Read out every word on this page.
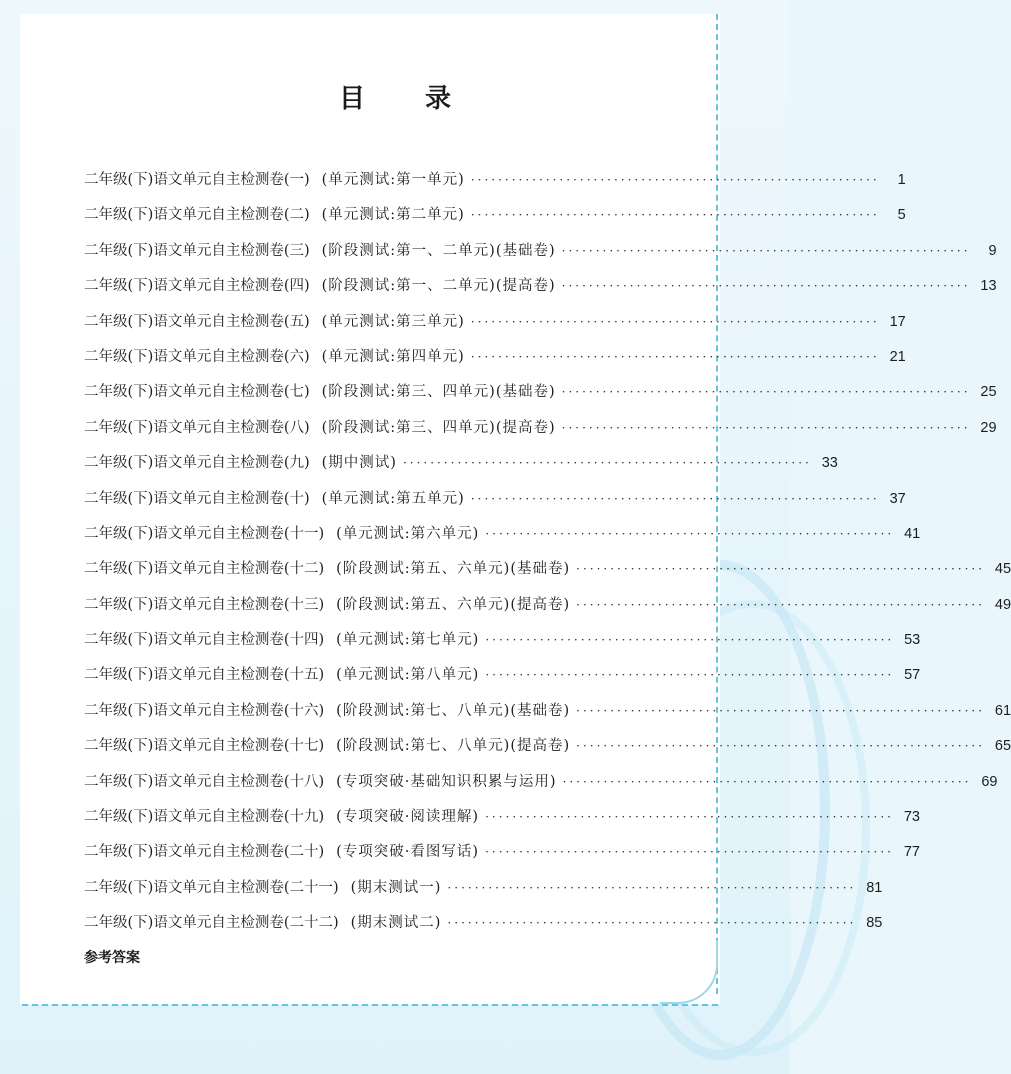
目录
二年级(下)语文单元自主检测卷(一) (单元测试:第一单元) ····························································	1
二年级(下)语文单元自主检测卷(二) (单元测试:第二单元) ····························································	5
二年级(下)语文单元自主检测卷(三) (阶段测试:第一、二单元)(基础卷) ····························································	9
二年级(下)语文单元自主检测卷(四) (阶段测试:第一、二单元)(提高卷) ···························································· 13
二年级(下)语文单元自主检测卷(五) (单元测试:第三单元) ···························································· 17
二年级(下)语文单元自主检测卷(六) (单元测试:第四单元) ···························································· 21
二年级(下)语文单元自主检测卷(七) (阶段测试:第三、四单元)(基础卷) ···························································· 25
二年级(下)语文单元自主检测卷(八) (阶段测试:第三、四单元)(提高卷) ···························································· 29
二年级(下)语文单元自主检测卷(九) (期中测试) ···························································· 33
二年级(下)语文单元自主检测卷(十) (单元测试:第五单元) ···························································· 37
二年级(下)语文单元自主检测卷(十一) (单元测试:第六单元) ···························································· 41
二年级(下)语文单元自主检测卷(十二) (阶段测试:第五、六单元)(基础卷) ···························································· 45
二年级(下)语文单元自主检测卷(十三) (阶段测试:第五、六单元)(提高卷) ···························································· 49
二年级(下)语文单元自主检测卷(十四) (单元测试:第七单元) ···························································· 53
二年级(下)语文单元自主检测卷(十五) (单元测试:第八单元) ···························································· 57
二年级(下)语文单元自主检测卷(十六) (阶段测试:第七、八单元)(基础卷) ···························································· 61
二年级(下)语文单元自主检测卷(十七) (阶段测试:第七、八单元)(提高卷) ···························································· 65
二年级(下)语文单元自主检测卷(十八) (专项突破·基础知识积累与运用) ···························································· 69
二年级(下)语文单元自主检测卷(十九) (专项突破·阅读理解) ···························································· 73
二年级(下)语文单元自主检测卷(二十) (专项突破·看图写话) ···························································· 77
二年级(下)语文单元自主检测卷(二十一) (期末测试一) ···························································· 81
二年级(下)语文单元自主检测卷(二十二) (期末测试二) ···························································· 85
参考答案
